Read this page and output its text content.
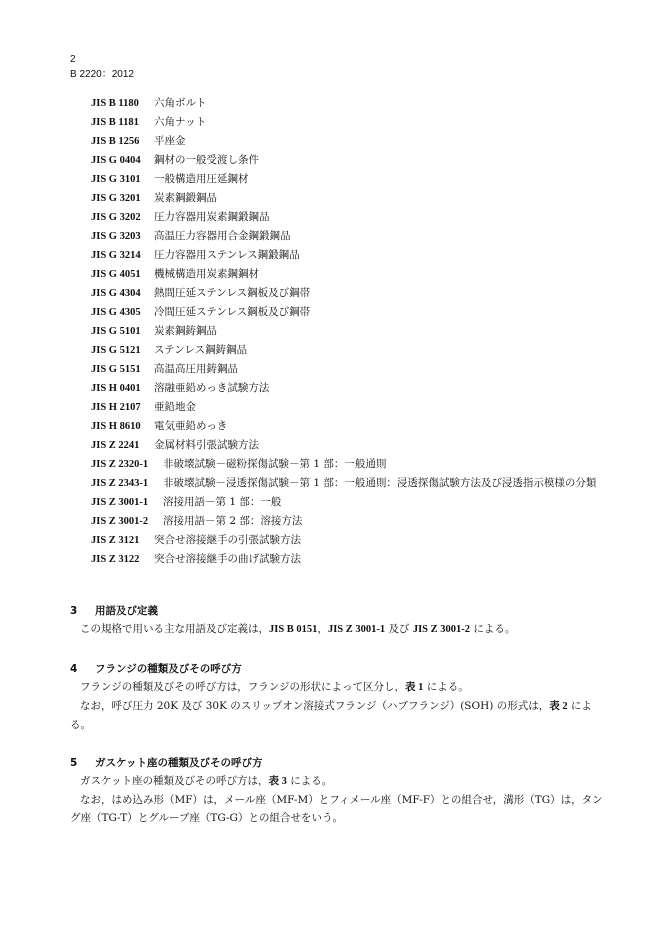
2
B 2220：2012
JIS B 1180	六角ボルト
JIS B 1181	六角ナット
JIS B 1256	平座金
JIS G 0404	鋼材の一般受渡し条件
JIS G 3101	一般構造用圧延鋼材
JIS G 3201	炭素鋼鍛鋼品
JIS G 3202	圧力容器用炭素鋼鍛鋼品
JIS G 3203	高温圧力容器用合金鋼鍛鋼品
JIS G 3214	圧力容器用ステンレス鋼鍛鋼品
JIS G 4051	機械構造用炭素鋼鋼材
JIS G 4304	熱間圧延ステンレス鋼板及び鋼帯
JIS G 4305	冷間圧延ステンレス鋼板及び鋼帯
JIS G 5101	炭素鋼鋳鋼品
JIS G 5121	ステンレス鋼鋳鋼品
JIS G 5151	高温高圧用鋳鋼品
JIS H 0401	溶融亜鉛めっき試験方法
JIS H 2107	亜鉛地金
JIS H 8610	電気亜鉛めっき
JIS Z 2241	金属材料引張試験方法
JIS Z 2320-1	非破壊試験－磁粉探傷試験－第 1 部：一般通則
JIS Z 2343-1	非破壊試験－浸透探傷試験－第 1 部：一般通則：浸透探傷試験方法及び浸透指示模様の分類
JIS Z 3001-1	溶接用語－第 1 部：一般
JIS Z 3001-2	溶接用語－第 2 部：溶接方法
JIS Z 3121	突合せ溶接継手の引張試験方法
JIS Z 3122	突合せ溶接継手の曲げ試験方法
3	用語及び定義

この規格で用いる主な用語及び定義は，JIS B 0151，JIS Z 3001-1 及び JIS Z 3001-2 による。

4	フランジの種類及びその呼び方

フランジの種類及びその呼び方は，フランジの形状によって区分し，表 1 による。

なお，呼び圧力 20K 及び 30K のスリップオン溶接式フランジ（ハブフランジ）(SOH) の形式は，表 2 による。

5	ガスケット座の種類及びその呼び方

ガスケット座の種類及びその呼び方は，表 3 による。

なお，はめ込み形（MF）は，メール座（MF-M）とフィメール座（MF-F）との組合せ，溝形（TG）は，タング座（TG-T）とグルーブ座（TG-G）との組合せをいう。
